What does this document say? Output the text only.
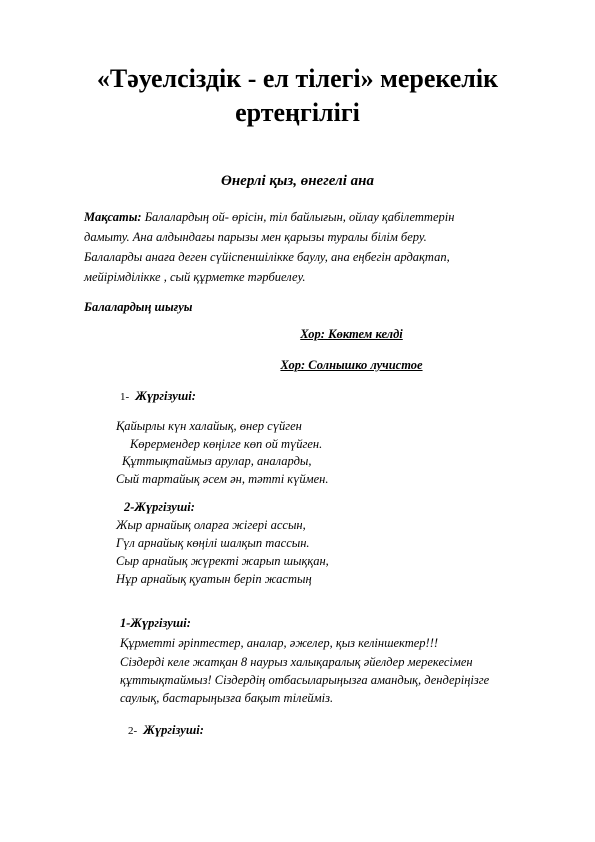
«Тәуелсіздік - ел тілегі» мерекелік
ертеңгілігі
Өнерлі қыз, өнегелі ана
Мақсаты: Балалардың ой- өрісін, тіл байлығын, ойлау қабілеттерін
дамыту. Ана алдындағы парызы мен қарызы туралы білім беру.
Балаларды анаға деген сүйіспеншілікке баулу, ана еңбегін ардақтап,
мейірімділікке , сый құрметке тәрбиелеу.
Балалардың шығуы
Хор: Көктем келді
Хор: Солнышко лучистое
1- Жүргізуші:
Қайырлы күн халайық, өнер сүйген
Көрермендер көңілге көп ой түйген.
Құттықтаймыз арулар, аналарды,
Сый тартайық әсем ән, тәтті күймен.
2-Жүргізуші:
Жыр арнайық оларға жігері ассын,
Гүл арнайық көңілі шалқып тассын.
Сыр арнайық жүректі жарып шыққан,
Нұр арнайық қуатын беріп жастың
1-Жүргізуші:
Құрметті әріптестер, аналар, әжелер, қыз келіншектер!!!
Сіздерді келе жатқан 8 наурыз халықаралық әйелдер мерекесімен
құттықтаймыз! Сіздердің отбасыларыңызға амандық, дендеріңізге
саулық, бастарыңызға бақыт тілейміз.
2- Жүргізуші:
